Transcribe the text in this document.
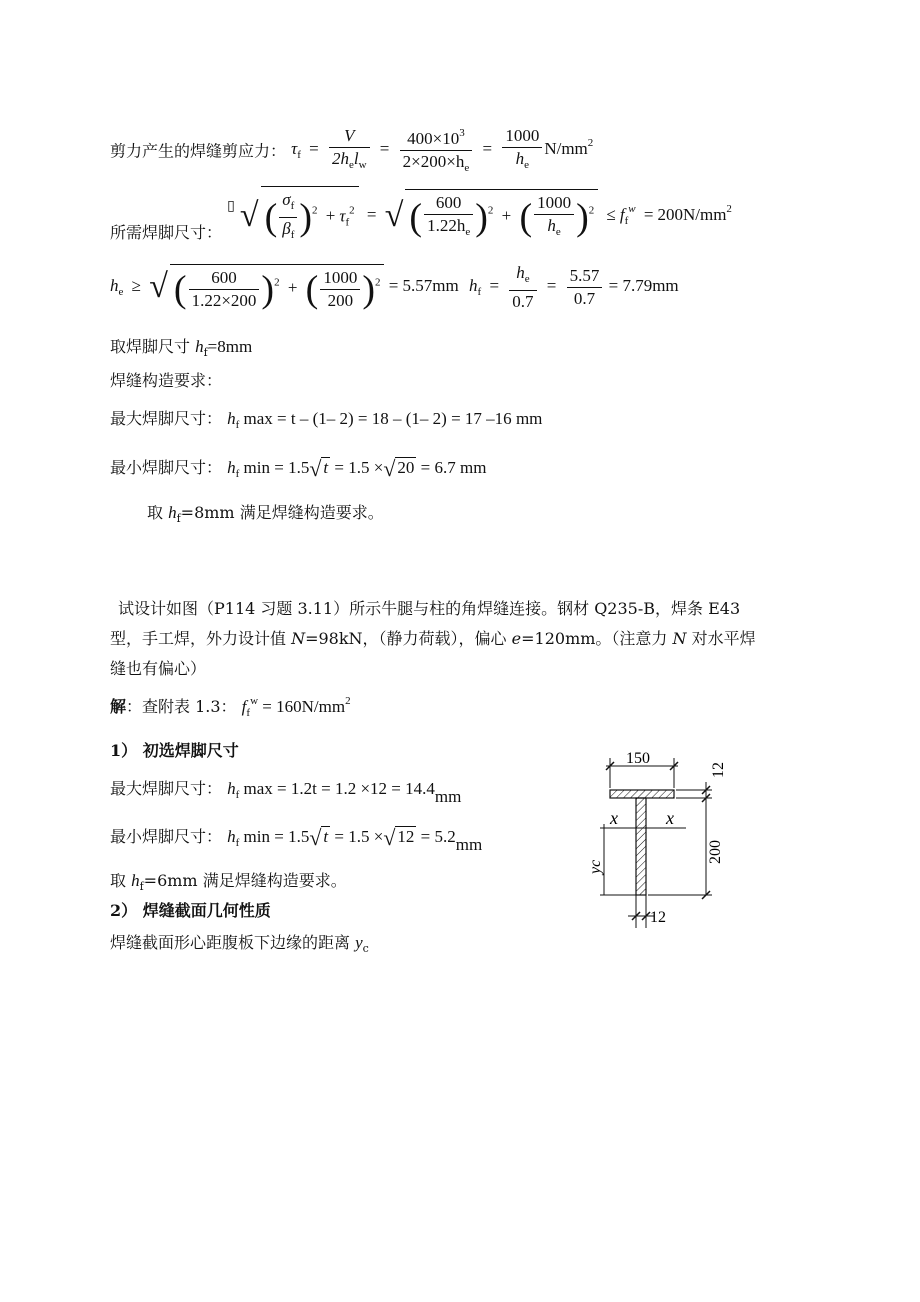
剪力产生的焊缝剪应力： $\tau_f = \frac{V}{2h_el_w} = \frac{400\times 10^3}{2\times 200\times h_e} = \frac{1000}{h_e} N/mm^2$
所需焊脚尺寸： ▯ √ ( $\frac{\sigma_f}{\beta_f} )^2 + \tau_f^2$ = √ ( $\frac{600}{1.22h_e} )^2$ + ( $\frac{1000}{h_e} )^2 \le f_f^w = 200N/mm^2$
$h_e$ ≥ √ ( $\frac{600}{1.22\times 200} )^2$ + ( $\frac{1000}{200} )^2 = 5.57mm$ $h_f = \frac{h_e}{0.7} = \frac{5.57}{0.7} = 7.79mm$
取焊脚尺寸 $h_f=8mm$
焊缝构造要求：
最大焊脚尺寸： $h_f$ max = t – (1– 2) = 18 – (1– 2) = 17 –16 mm
最小焊脚尺寸： $h_f$ min = 1.5√ t = 1.5 ×√ 20 = 6.7 mm
取 $h_f=8mm$ 满足焊缝构造要求。
试设计如图（P114 习题 3.11）所示牛腿与柱的角焊缝连接。钢材 Q235-B，焊条 E43
型，手工焊，外力设计值 N=98kN，（静力荷载），偏心 e=120mm。（注意力 N 对水平焊
缝也有偏心）
解：查附表 1.3： $f_f^w = 160N/mm^2$
1） 初选焊脚尺寸
最大焊脚尺寸： $h_f$ max = 1.2t = 1.2 ×12 = 14.4mm
最小焊脚尺寸： $h_f$ min = 1.5√ t = 1.5 ×√ 12 = 5.2mm
取 $h_f=6mm$ 满足焊缝构造要求。
2） 焊缝截面几何性质
焊缝截面形心距腹板下边缘的距离 $y_c$
150
12
200
x	x
yc
12
